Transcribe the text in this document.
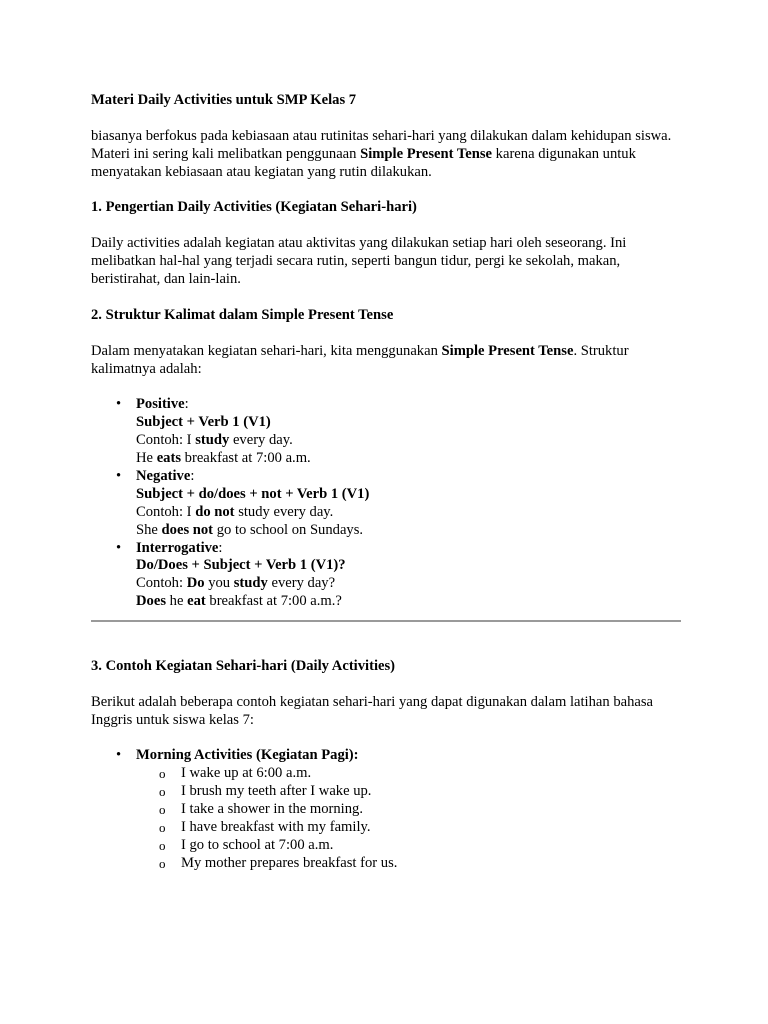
Materi Daily Activities untuk SMP Kelas 7

biasanya berfokus pada kebiasaan atau rutinitas sehari-hari yang dilakukan dalam kehidupan siswa. Materi ini sering kali melibatkan penggunaan Simple Present Tense karena digunakan untuk menyatakan kebiasaan atau kegiatan yang rutin dilakukan.

1. Pengertian Daily Activities (Kegiatan Sehari-hari)

Daily activities adalah kegiatan atau aktivitas yang dilakukan setiap hari oleh seseorang. Ini melibatkan hal-hal yang terjadi secara rutin, seperti bangun tidur, pergi ke sekolah, makan, beristirahat, dan lain-lain.

2. Struktur Kalimat dalam Simple Present Tense

Dalam menyatakan kegiatan sehari-hari, kita menggunakan Simple Present Tense. Struktur kalimatnya adalah:

• Positive:
Subject + Verb 1 (V1)
Contoh: I study every day.
He eats breakfast at 7:00 a.m.
• Negative:
Subject + do/does + not + Verb 1 (V1)
Contoh: I do not study every day.
She does not go to school on Sundays.
• Interrogative:
Do/Does + Subject + Verb 1 (V1)?
Contoh: Do you study every day?
Does he eat breakfast at 7:00 a.m.?

3. Contoh Kegiatan Sehari-hari (Daily Activities)

Berikut adalah beberapa contoh kegiatan sehari-hari yang dapat digunakan dalam latihan bahasa Inggris untuk siswa kelas 7:

• Morning Activities (Kegiatan Pagi):
o I wake up at 6:00 a.m.
o I brush my teeth after I wake up.
o I take a shower in the morning.
o I have breakfast with my family.
o I go to school at 7:00 a.m.
o My mother prepares breakfast for us.
